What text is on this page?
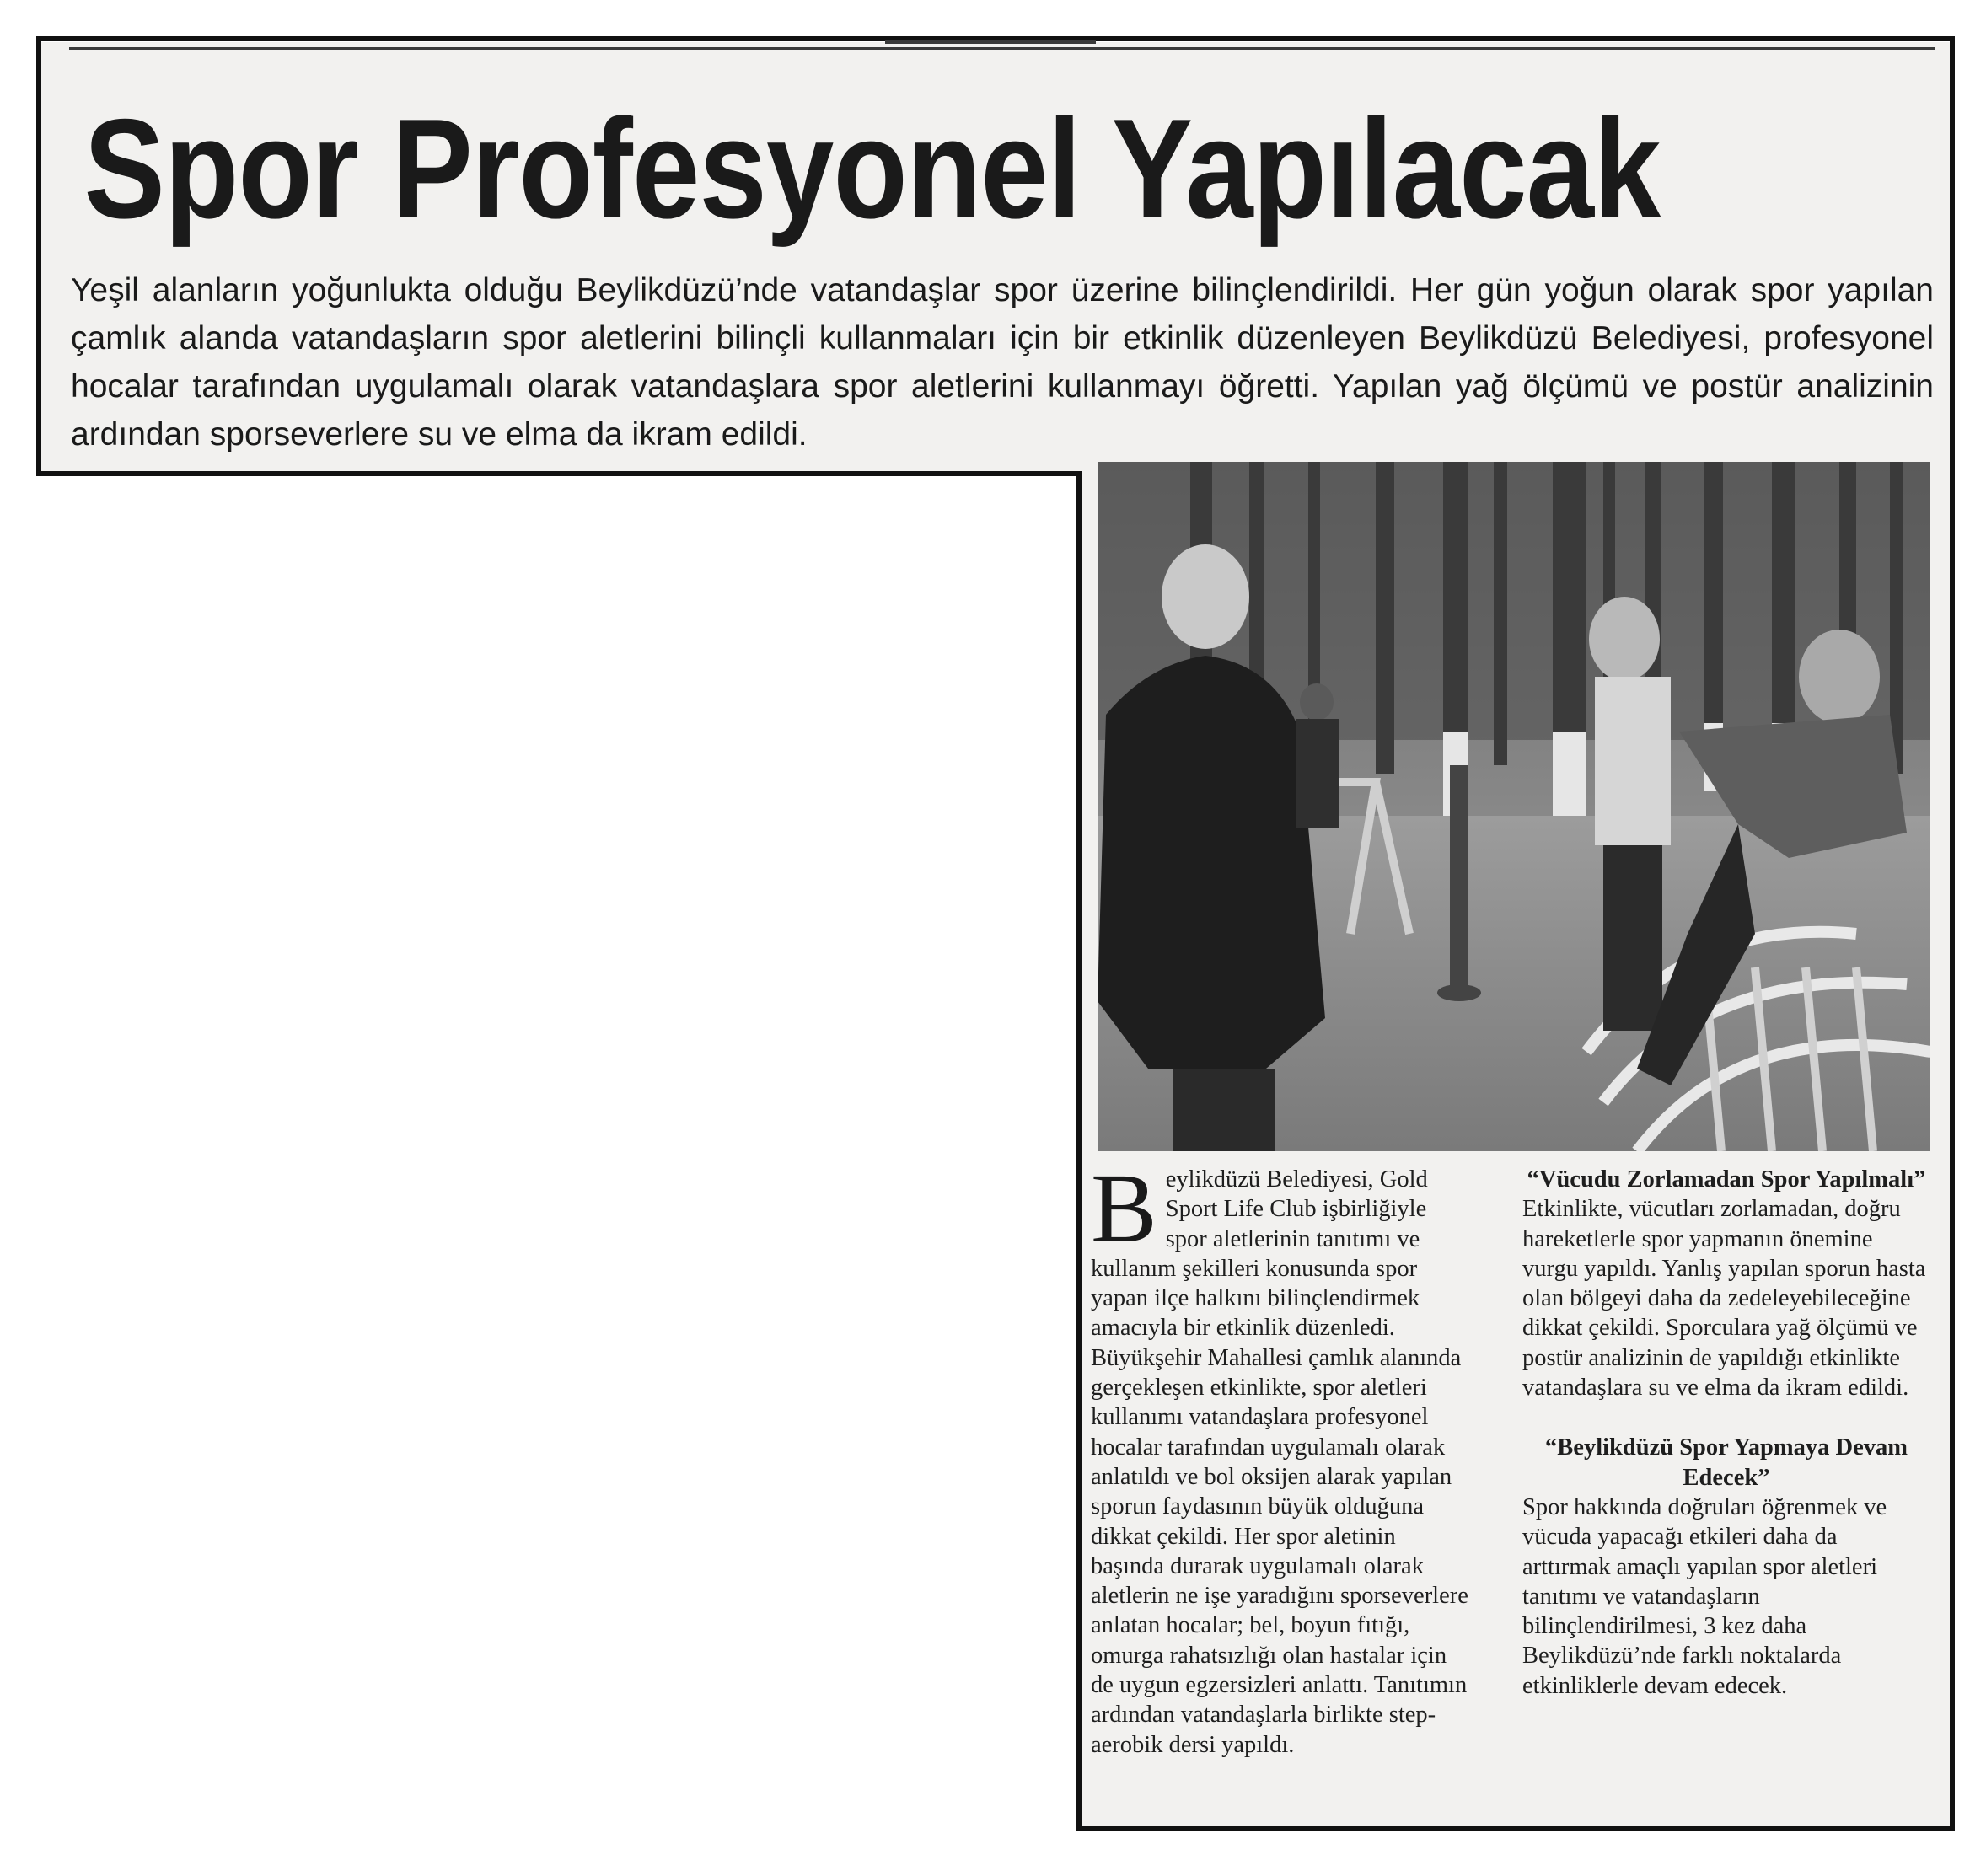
Spor Profesyonel Yapılacak
Yeşil alanların yoğunlukta olduğu Beylikdüzü’nde vatandaşlar spor üzerine bilinçlendirildi. Her gün yoğun olarak spor yapılan çamlık alanda vatandaşların spor aletlerini bilinçli kullanmaları için bir etkinlik düzenleyen Beylikdüzü Belediyesi, profesyonel hocalar tarafından uygulamalı olarak vatandaşlara spor aletlerini kullanmayı öğretti. Yapılan yağ ölçümü ve postür analizinin ardından sporseverlere su ve elma da ikram edildi.
B eylikdüzü Belediyesi, Gold Sport Life Club işbirliğiyle spor aletlerinin tanıtımı ve kullanım şekilleri konusunda spor yapan ilçe halkını bilinçlendirmek amacıyla bir etkinlik düzenledi. Büyükşehir Mahallesi çamlık alanında gerçekleşen etkinlikte, spor aletleri kullanımı vatandaşlara profesyonel hocalar tarafından uygulamalı olarak anlatıldı ve bol oksijen alarak yapılan sporun faydasının büyük olduğuna dikkat çekildi. Her spor aletinin başında durarak uygulamalı olarak aletlerin ne işe yaradığını sporseverlere anlatan hocalar; bel, boyun fıtığı, omurga rahatsızlığı olan hastalar için de uygun egzersizleri anlattı. Tanıtımın ardından vatandaşlarla birlikte step-aerobik dersi yapıldı.

“Vücudu Zorlamadan Spor Yapılmalı”

Etkinlikte, vücutları zorlamadan, doğru hareketlerle spor yapmanın önemine vurgu yapıldı. Yanlış yapılan sporun hasta olan bölgeyi daha da zedeleyebileceğine dikkat çekildi. Sporculara yağ ölçümü ve postür analizinin de yapıldığı etkinlikte vatandaşlara su ve elma da ikram edildi.

“Beylikdüzü Spor Yapmaya Devam Edecek”

Spor hakkında doğruları öğrenmek ve vücuda yapacağı etkileri daha da arttırmak amaçlı yapılan spor aletleri tanıtımı ve vatandaşların bilinçlendirilmesi, 3 kez daha Beylikdüzü’nde farklı noktalarda etkinliklerle devam edecek.
